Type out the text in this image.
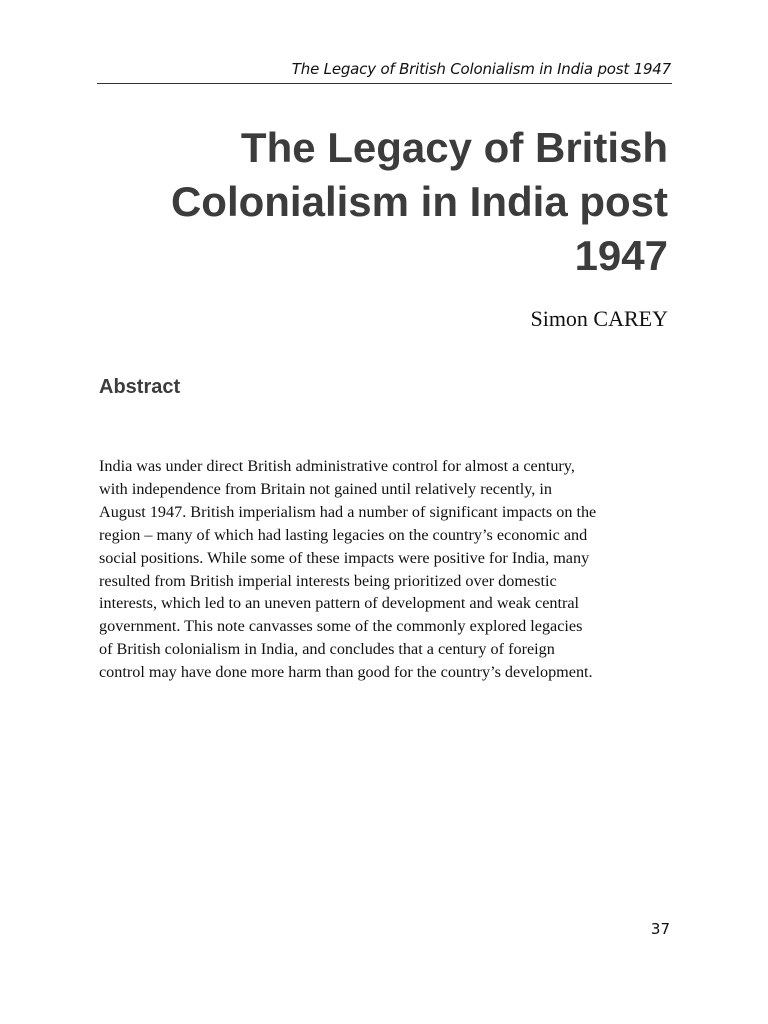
The Legacy of British Colonialism in India post 1947
The Legacy of British
Colonialism in India post
1947
Simon CAREY
Abstract
India was under direct British administrative control for almost a century,
with independence from Britain not gained until relatively recently, in
August 1947. British imperialism had a number of significant impacts on the
region – many of which had lasting legacies on the country’s economic and
social positions. While some of these impacts were positive for India, many
resulted from British imperial interests being prioritized over domestic
interests, which led to an uneven pattern of development and weak central
government. This note canvasses some of the commonly explored legacies
of British colonialism in India, and concludes that a century of foreign
control may have done more harm than good for the country’s development.
37
